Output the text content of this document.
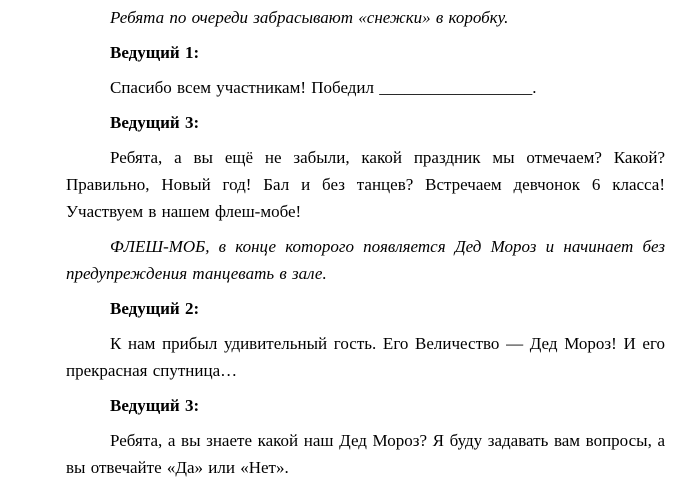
Ребята по очереди забрасывают «снежки» в коробку.

Ведущий 1:

Спасибо всем участникам! Победил __________________.

Ведущий 3:

Ребята, а вы ещё не забыли, какой праздник мы отмечаем? Какой? Правильно, Новый год! Бал и без танцев? Встречаем девчонок 6 класса! Участвуем в нашем флеш-мобе!

ФЛЕШ-МОБ, в конце которого появляется Дед Мороз и начинает без предупреждения танцевать в зале.

Ведущий 2:

К нам прибыл удивительный гость. Его Величество — Дед Мороз! И его прекрасная спутница…

Ведущий 3:

Ребята, а вы знаете какой наш Дед Мороз? Я буду задавать вам вопросы, а вы отвечайте «Да» или «Нет».
